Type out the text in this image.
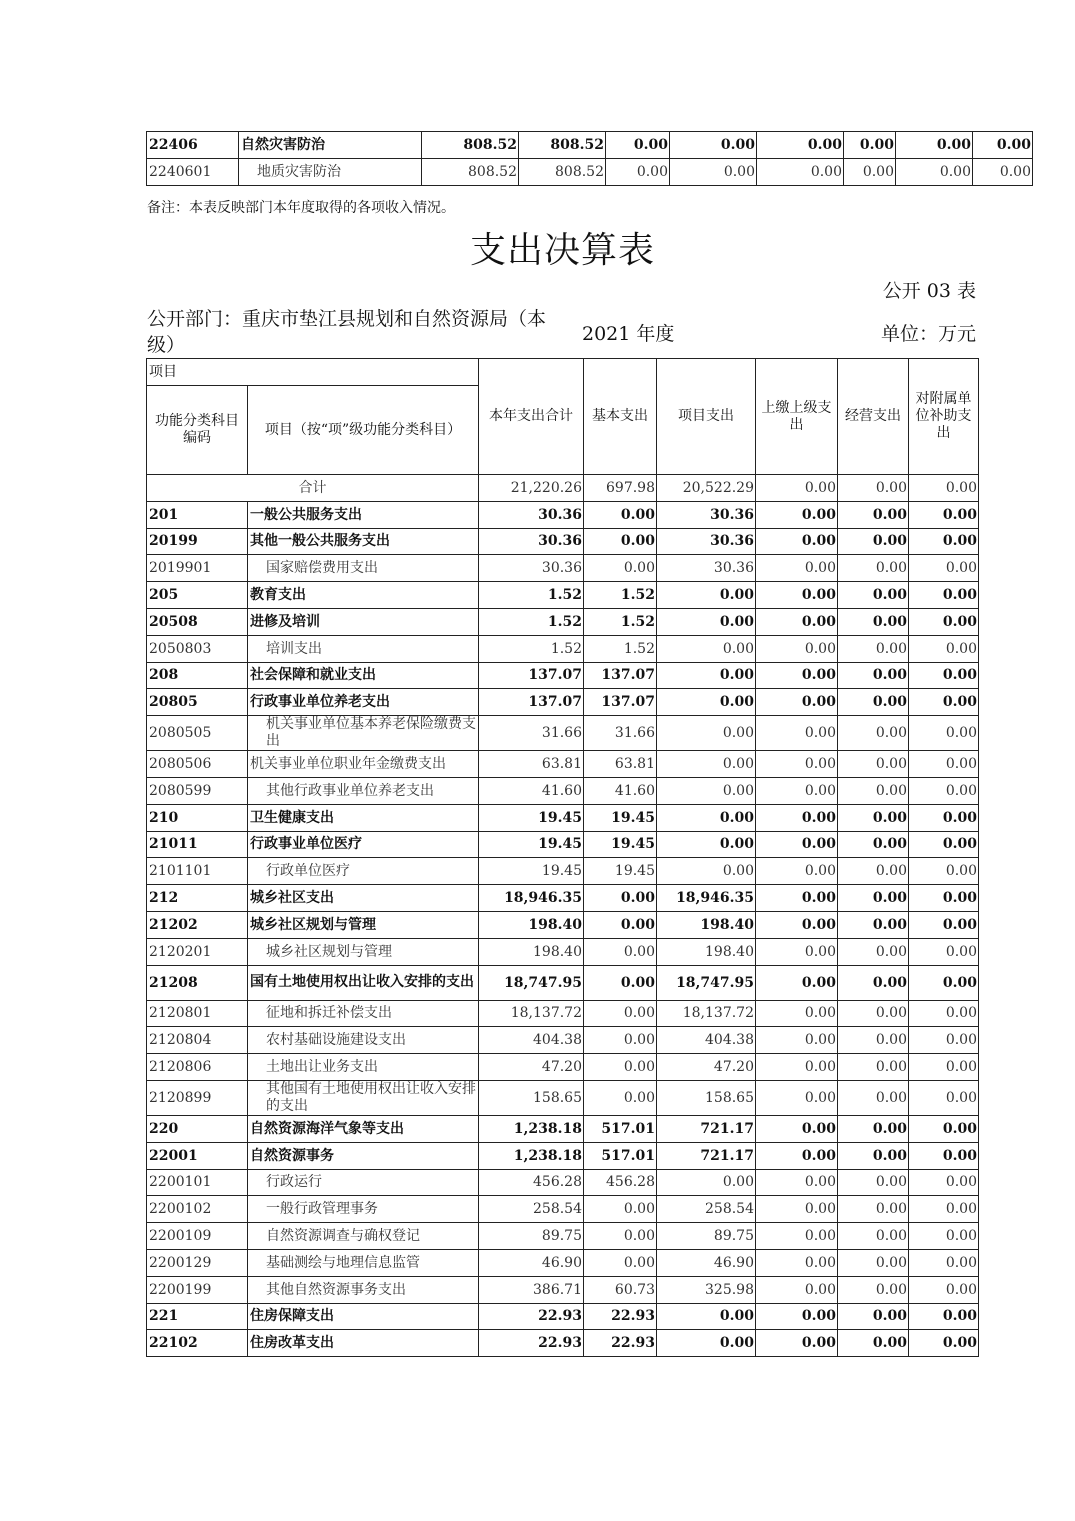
22406	自然灾害防治	808.52	808.52	0.00	0.00	0.00	0.00	0.00	0.00
2240601	地质灾害防治	808.52	808.52	0.00	0.00	0.00	0.00	0.00	0.00
备注：本表反映部门本年度取得的各项收入情况。
支出决算表
公开 03 表
公开部门：重庆市垫江县规划和自然资源局（本级）	2021 年度	单位：万元
项目		本年支出合计	基本支出	项目支出	上缴上级支出	经营支出	对附属单位补助支出
功能分类科目编码	项目（按“项”级功能分类科目）						
合计		21,220.26	697.98	20,522.29	0.00	0.00	0.00
201	一般公共服务支出	30.36	0.00	30.36	0.00	0.00	0.00
20199	其他一般公共服务支出	30.36	0.00	30.36	0.00	0.00	0.00
2019901	国家赔偿费用支出	30.36	0.00	30.36	0.00	0.00	0.00
205	教育支出	1.52	1.52	0.00	0.00	0.00	0.00
20508	进修及培训	1.52	1.52	0.00	0.00	0.00	0.00
2050803	培训支出	1.52	1.52	0.00	0.00	0.00	0.00
208	社会保障和就业支出	137.07	137.07	0.00	0.00	0.00	0.00
20805	行政事业单位养老支出	137.07	137.07	0.00	0.00	0.00	0.00
2080505	机关事业单位基本养老保险缴费支出	31.66	31.66	0.00	0.00	0.00	0.00
2080506	机关事业单位职业年金缴费支出	63.81	63.81	0.00	0.00	0.00	0.00
2080599	其他行政事业单位养老支出	41.60	41.60	0.00	0.00	0.00	0.00
210	卫生健康支出	19.45	19.45	0.00	0.00	0.00	0.00
21011	行政事业单位医疗	19.45	19.45	0.00	0.00	0.00	0.00
2101101	行政单位医疗	19.45	19.45	0.00	0.00	0.00	0.00
212	城乡社区支出	18,946.35	0.00	18,946.35	0.00	0.00	0.00
21202	城乡社区规划与管理	198.40	0.00	198.40	0.00	0.00	0.00
2120201	城乡社区规划与管理	198.40	0.00	198.40	0.00	0.00	0.00
21208	国有土地使用权出让收入安排的支出	18,747.95	0.00	18,747.95	0.00	0.00	0.00
2120801	征地和拆迁补偿支出	18,137.72	0.00	18,137.72	0.00	0.00	0.00
2120804	农村基础设施建设支出	404.38	0.00	404.38	0.00	0.00	0.00
2120806	土地出让业务支出	47.20	0.00	47.20	0.00	0.00	0.00
2120899	其他国有土地使用权出让收入安排的支出	158.65	0.00	158.65	0.00	0.00	0.00
220	自然资源海洋气象等支出	1,238.18	517.01	721.17	0.00	0.00	0.00
22001	自然资源事务	1,238.18	517.01	721.17	0.00	0.00	0.00
2200101	行政运行	456.28	456.28	0.00	0.00	0.00	0.00
2200102	一般行政管理事务	258.54	0.00	258.54	0.00	0.00	0.00
2200109	自然资源调查与确权登记	89.75	0.00	89.75	0.00	0.00	0.00
2200129	基础测绘与地理信息监管	46.90	0.00	46.90	0.00	0.00	0.00
2200199	其他自然资源事务支出	386.71	60.73	325.98	0.00	0.00	0.00
221	住房保障支出	22.93	22.93	0.00	0.00	0.00	0.00
22102	住房改革支出	22.93	22.93	0.00	0.00	0.00	0.00
